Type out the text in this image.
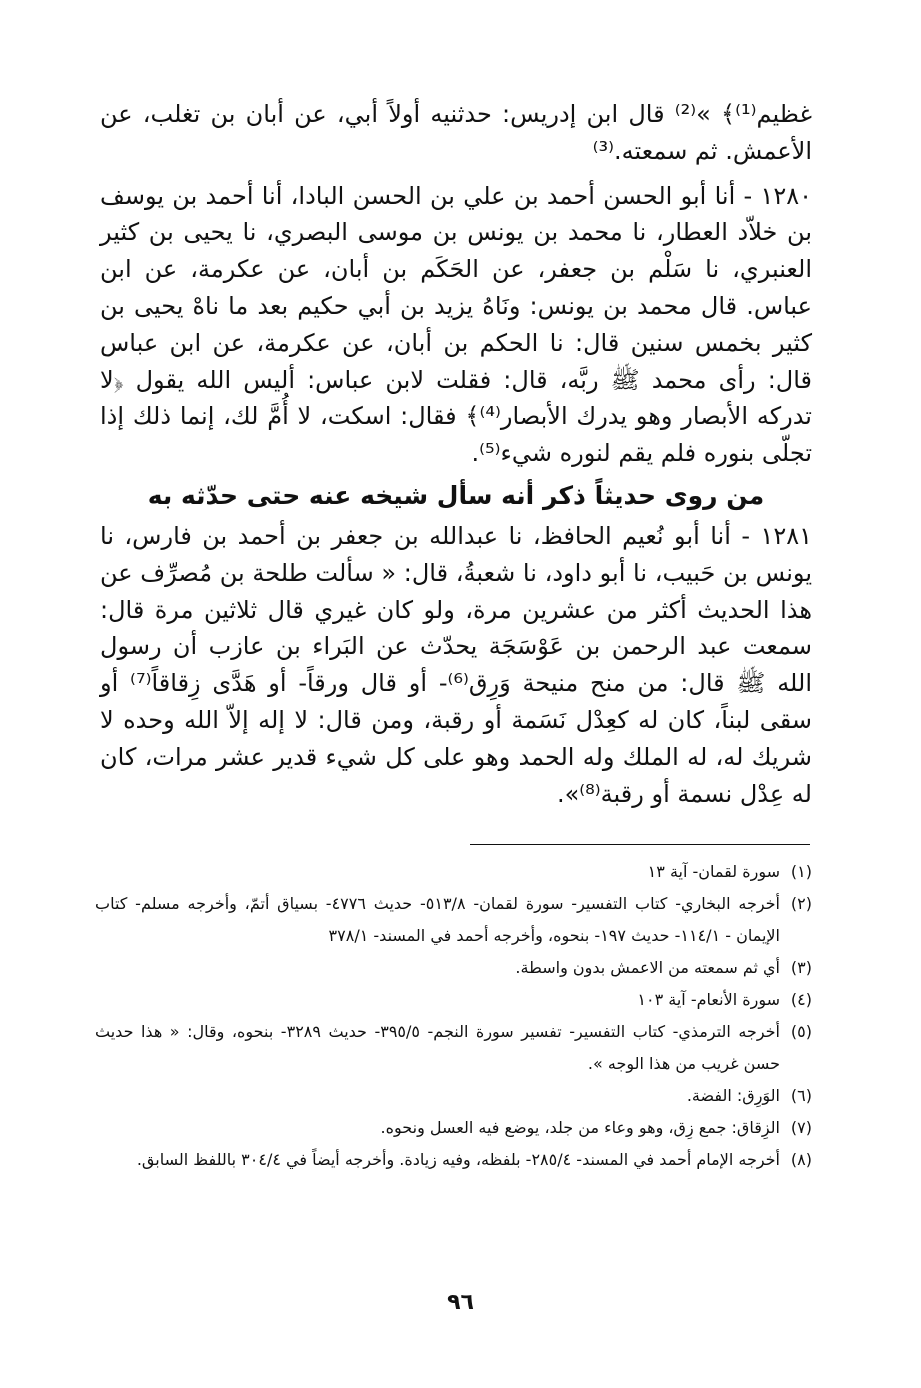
غظيم⁽¹⁾﴾ »⁽²⁾ قال ابن إدريس: حدثنيه أولاً أبي، عن أبان بن تغلب، عن الأعمش. ثم سمعته.⁽³⁾

١٢٨٠ - أنا أبو الحسن أحمد بن علي بن الحسن البادا، أنا أحمد بن يوسف بن خلاّد العطار، نا محمد بن يونس بن موسى البصري، نا يحيى بن كثير العنبري، نا سَلْم بن جعفر، عن الحَكَم بن أبان، عن عكرمة، عن ابن عباس. قال محمد بن يونس: ونَاهُ يزيد بن أبي حكيم بعد ما ناهْ يحيى بن كثير بخمس سنين قال: نا الحكم بن أبان، عن عكرمة، عن ابن عباس قال: رأى محمد ﷺ ربَّه، قال: فقلت لابن عباس: أليس الله يقول ﴿لا تدركه الأبصار وهو يدرك الأبصار⁽⁴⁾﴾ فقال: اسكت، لا أُمَّ لك، إنما ذلك إذا تجلّى بنوره فلم يقم لنوره شيء⁽⁵⁾.

من روى حديثاً ذكر أنه سأل شيخه عنه حتى حدّثه به

١٢٨١ - أنا أبو نُعيم الحافظ، نا عبدالله بن جعفر بن أحمد بن فارس، نا يونس بن حَبيب، نا أبو داود، نا شعبةُ، قال: « سألت طلحة بن مُصرِّف عن هذا الحديث أكثر من عشرين مرة، ولو كان غيري قال ثلاثين مرة قال: سمعت عبد الرحمن بن عَوْسَجَة يحدّث عن البَراء بن عازب أن رسول الله ﷺ قال: من منح منيحة وَرِق⁽⁶⁾- أو قال ورقاً- أو هَدَّى زِقاقاً⁽⁷⁾ أو سقى لبناً، كان له كعِدْل نَسَمة أو رقبة، ومن قال: لا إله إلاّ الله وحده لا شريك له، له الملك وله الحمد وهو على كل شيء قدير عشر مرات، كان له عِدْل نسمة أو رقبة⁽⁸⁾».

(١)
سورة لقمان- آية ١٣
(٢)
أخرجه البخاري- كتاب التفسير- سورة لقمان- ٥١٣/٨- حديث ٤٧٧٦- بسياق أتمّ، وأخرجه مسلم- كتاب الإيمان - ١١٤/١- حديث ١٩٧- بنحوه، وأخرجه أحمد في المسند- ٣٧٨/١
(٣)
أي ثم سمعته من الاعمش بدون واسطة.
(٤)
سورة الأنعام- آية ١٠٣
(٥)
أخرجه الترمذي- كتاب التفسير- تفسير سورة النجم- ٣٩٥/٥- حديث ٣٢٨٩- بنحوه، وقال: « هذا حديث حسن غريب من هذا الوجه ».
(٦)
الوَرِق: الفضة.
(٧)
الزِقاق: جمع زِق، وهو وعاء من جلد، يوضع فيه العسل ونحوه.
(٨)
أخرجه الإمام أحمد في المسند- ٢٨٥/٤- بلفظه، وفيه زيادة. وأخرجه أيضاً في ٣٠٤/٤ باللفظ السابق.
٩٦
